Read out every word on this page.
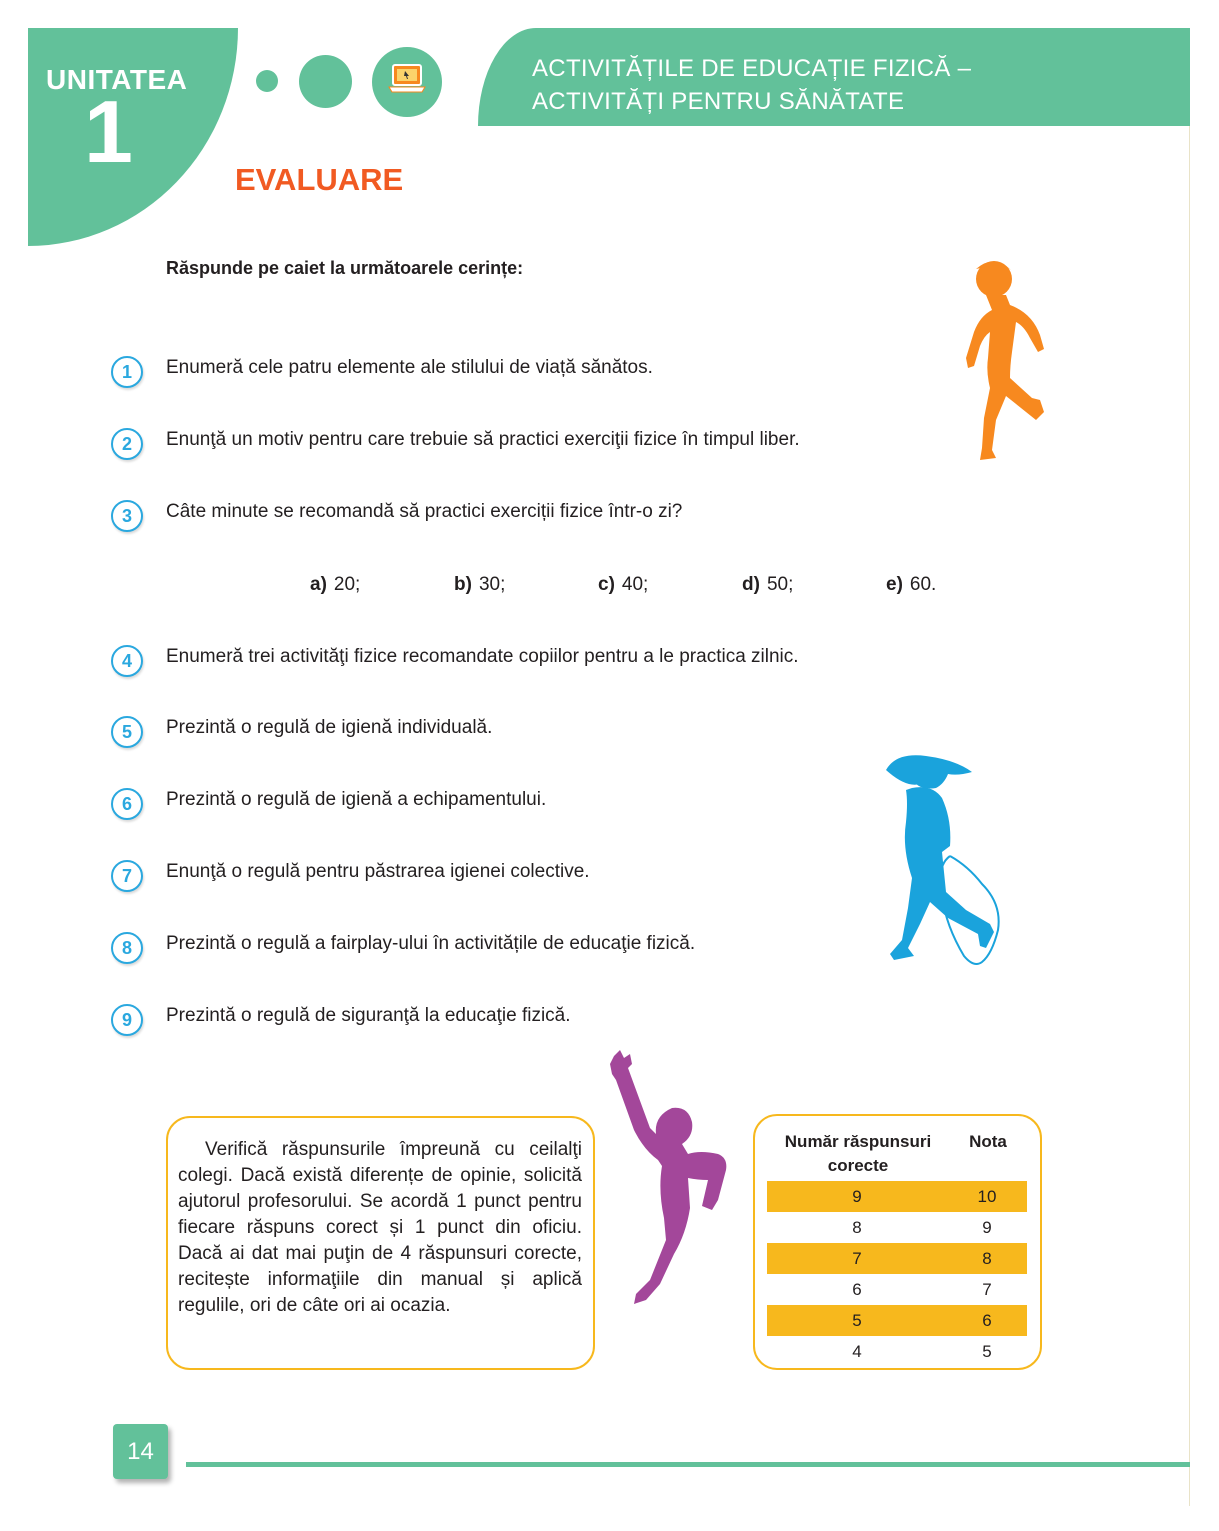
UNITATEA
1
ACTIVITĂȚILE DE EDUCAȚIE FIZICĂ –
ACTIVITĂȚI PENTRU SĂNĂTATE
EVALUARE
Răspunde pe caiet la următoarele cerințe:
1	Enumeră cele patru elemente ale stilului de viață sănătos.
2	Enunţă un motiv pentru care trebuie să practici exerciţii fizice în timpul liber.
3	Câte minute se recomandă să practici exerciții fizice într-o zi?
a) 20;	b) 30;	c) 40;	d) 50;	e) 60.
4	Enumeră trei activităţi fizice recomandate copiilor pentru a le practica zilnic.
5	Prezintă o regulă de igienă individuală.
6	Prezintă o regulă de igienă a echipamentului.
7	Enunţă o regulă pentru păstrarea igienei colective.
8	Prezintă o regulă a fairplay-ului în activitățile de educaţie fizică.
9	Prezintă o regulă de siguranţă la educaţie fizică.
Verifică răspunsurile împreună cu ceilalţi colegi. Dacă există diferențe de opinie, solicită ajutorul profesorului. Se acordă 1 punct pentru fiecare răspuns corect și 1 punct din oficiu. Dacă ai dat mai puţin de 4 răspunsuri corecte, recitește informaţiile din manual și aplică regulile, ori de câte ori ai ocazia.
Număr răspunsuri
corecte
Nota
9	10
8	9
7	8
6	7
5	6
4	5
14
